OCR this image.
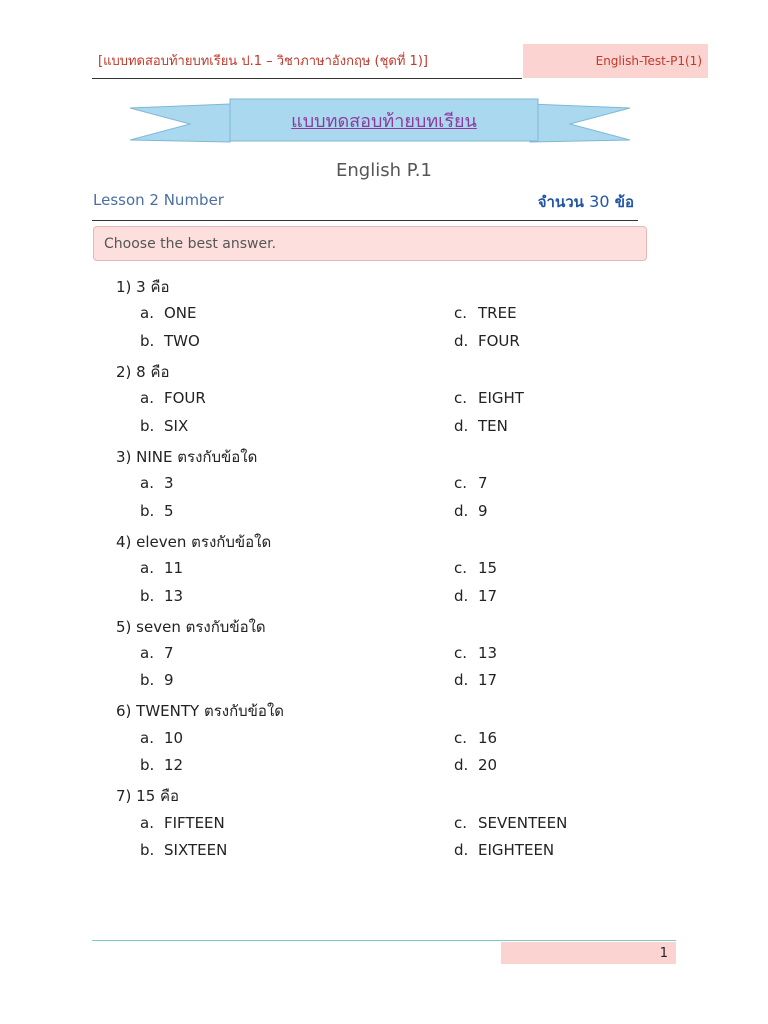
[แบบทดสอบท้ายบทเรียน ป.1 – วิชาภาษาอังกฤษ (ชุดที่ 1)]	English-Test-P1(1)
แบบทดสอบท้ายบทเรียน
English P.1
Lesson 2 Number	จำนวน 30 ข้อ
Choose the best answer.
1) 3 คือ
a. ONE
b. TWO
c. TREE
d. FOUR
2) 8 คือ
a. FOUR
b. SIX
c. EIGHT
d. TEN
3) NINE ตรงกับข้อใด
a. 3
b. 5
c. 7
d. 9
4) eleven ตรงกับข้อใด
a. 11
b. 13
c. 15
d. 17
5) seven ตรงกับข้อใด
a. 7
b. 9
c. 13
d. 17
6) TWENTY ตรงกับข้อใด
a. 10
b. 12
c. 16
d. 20
7) 15 คือ
a. FIFTEEN
b. SIXTEEN
c. SEVENTEEN
d. EIGHTEEN
1
